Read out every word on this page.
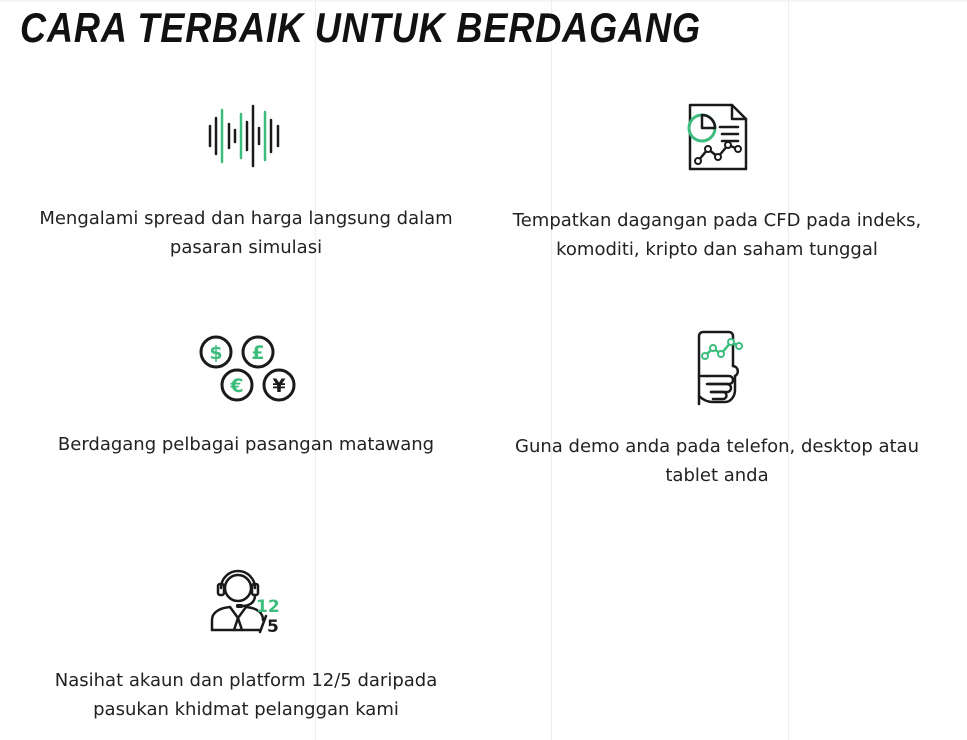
CARA TERBAIK UNTUK BERDAGANG

Mengalami spread dan harga langsung dalam pasaran simulasi

Tempatkan dagangan pada CFD pada indeks, komoditi, kripto dan saham tunggal

$ £
€ ¥

Berdagang pelbagai pasangan matawang	Guna demo anda pada telefon, desktop atau tablet anda

12
5

Nasihat akaun dan platform 12/5 daripada pasukan khidmat pelanggan kami
